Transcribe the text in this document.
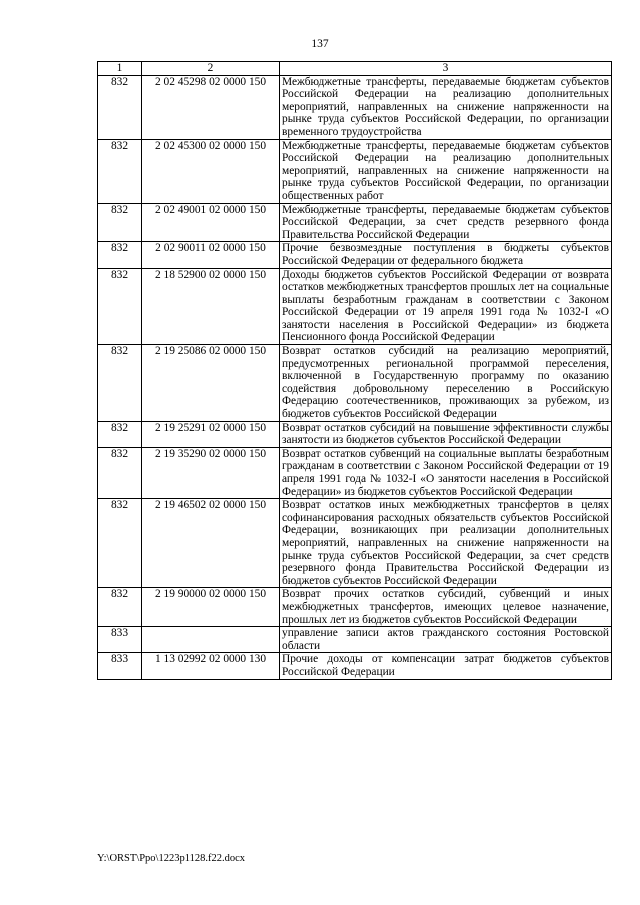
137
1	2	3
832	2 02 45298 02 0000 150	Межбюджетные трансферты, передаваемые бюджетам субъектов Российской Федерации на реализацию дополнительных мероприятий, направленных на снижение напряженности на рынке труда субъектов Российской Федерации, по организации временного трудоустройства
832	2 02 45300 02 0000 150	Межбюджетные трансферты, передаваемые бюджетам субъектов Российской Федерации на реализацию дополнительных мероприятий, направленных на снижение напряженности на рынке труда субъектов Российской Федерации, по организации общественных работ
832	2 02 49001 02 0000 150	Межбюджетные трансферты, передаваемые бюджетам субъектов Российской Федерации, за счет средств резервного фонда Правительства Российской Федерации
832	2 02 90011 02 0000 150	Прочие безвозмездные поступления в бюджеты субъектов Российской Федерации от федерального бюджета
832	2 18 52900 02 0000 150	Доходы бюджетов субъектов Российской Федерации от возврата остатков межбюджетных трансфертов прошлых лет на социальные выплаты безработным гражданам в соответствии с Законом Российской Федерации от 19 апреля 1991 года № 1032-I «О занятости населения в Российской Федерации» из бюджета Пенсионного фонда Российской Федерации
832	2 19 25086 02 0000 150	Возврат остатков субсидий на реализацию мероприятий, предусмотренных региональной программой переселения, включенной в Государственную программу по оказанию содействия добровольному переселению в Российскую Федерацию соотечественников, проживающих за рубежом, из бюджетов субъектов Российской Федерации
832	2 19 25291 02 0000 150	Возврат остатков субсидий на повышение эффективности службы занятости из бюджетов субъектов Российской Федерации
832	2 19 35290 02 0000 150	Возврат остатков субвенций на социальные выплаты безработным гражданам в соответствии с Законом Российской Федерации от 19 апреля 1991 года № 1032-I «О занятости населения в Российской Федерации» из бюджетов субъектов Российской Федерации
832	2 19 46502 02 0000 150	Возврат остатков иных межбюджетных трансфертов в целях софинансирования расходных обязательств субъектов Российской Федерации, возникающих при реализации дополнительных мероприятий, направленных на снижение напряженности на рынке труда субъектов Российской Федерации, за счет средств резервного фонда Правительства Российской Федерации из бюджетов субъектов Российской Федерации
832	2 19 90000 02 0000 150	Возврат прочих остатков субсидий, субвенций и иных межбюджетных трансфертов, имеющих целевое назначение, прошлых лет из бюджетов субъектов Российской Федерации
833		управление записи актов гражданского состояния Ростовской области
833	1 13 02992 02 0000 130	Прочие доходы от компенсации затрат бюджетов субъектов Российской Федерации
Y:\ORST\Ppo\1223p1128.f22.docx
